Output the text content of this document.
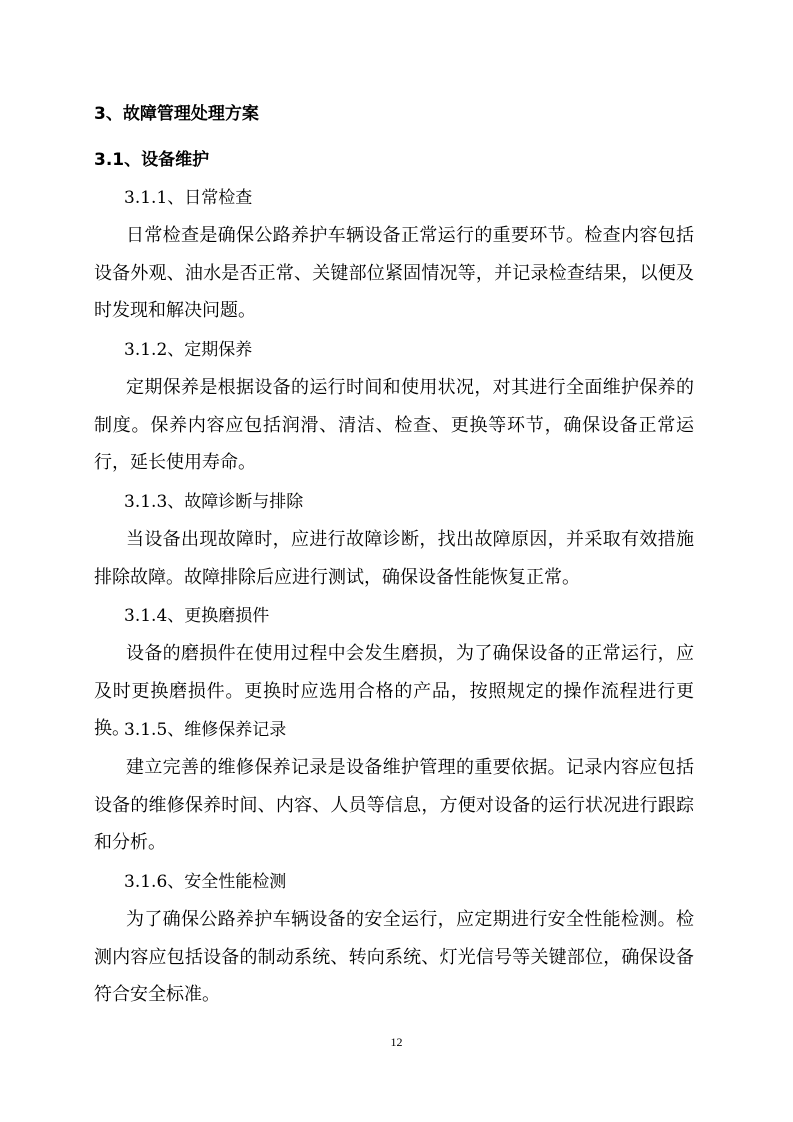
3、故障管理处理方案
3.1、设备维护
3.1.1、日常检查
日常检查是确保公路养护车辆设备正常运行的重要环节。检查内容包括设备外观、油水是否正常、关键部位紧固情况等，并记录检查结果，以便及时发现和解决问题。
3.1.2、定期保养
定期保养是根据设备的运行时间和使用状况，对其进行全面维护保养的制度。保养内容应包括润滑、清洁、检查、更换等环节，确保设备正常运行，延长使用寿命。
3.1.3、故障诊断与排除
当设备出现故障时，应进行故障诊断，找出故障原因，并采取有效措施排除故障。故障排除后应进行测试，确保设备性能恢复正常。
3.1.4、更换磨损件
设备的磨损件在使用过程中会发生磨损，为了确保设备的正常运行，应及时更换磨损件。更换时应选用合格的产品，按照规定的操作流程进行更换。
3.1.5、维修保养记录
建立完善的维修保养记录是设备维护管理的重要依据。记录内容应包括设备的维修保养时间、内容、人员等信息，方便对设备的运行状况进行跟踪和分析。
3.1.6、安全性能检测
为了确保公路养护车辆设备的安全运行，应定期进行安全性能检测。检测内容应包括设备的制动系统、转向系统、灯光信号等关键部位，确保设备符合安全标准。
12
